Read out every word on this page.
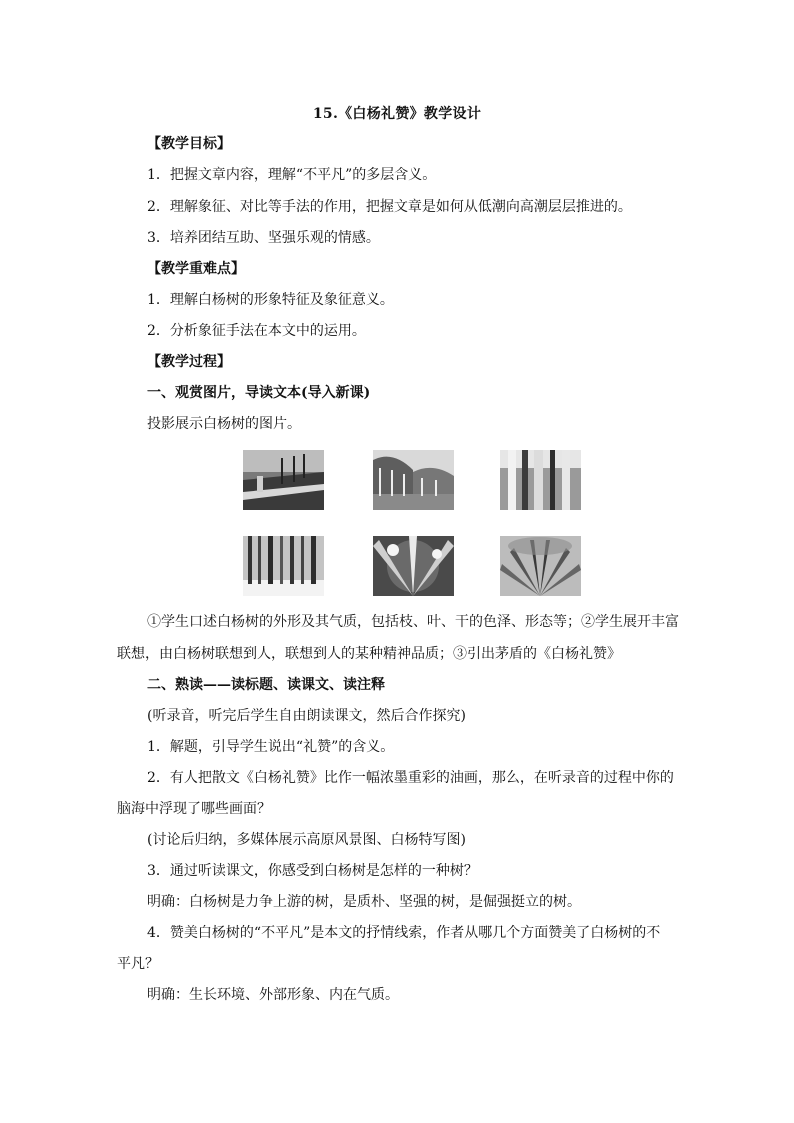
15.《白杨礼赞》教学设计
【教学目标】
1．把握文章内容，理解“不平凡”的多层含义。
2．理解象征、对比等手法的作用，把握文章是如何从低潮向高潮层层推进的。
3．培养团结互助、坚强乐观的情感。
【教学重难点】
1．理解白杨树的形象特征及象征意义。
2．分析象征手法在本文中的运用。
【教学过程】
一、观赏图片，导读文本(导入新课)
投影展示白杨树的图片。
①学生口述白杨树的外形及其气质，包括枝、叶、干的色泽、形态等；②学生展开丰富
联想，由白杨树联想到人，联想到人的某种精神品质；③引出茅盾的《白杨礼赞》
二、熟读——读标题、读课文、读注释
(听录音，听完后学生自由朗读课文，然后合作探究)
1．解题，引导学生说出“礼赞”的含义。
2．有人把散文《白杨礼赞》比作一幅浓墨重彩的油画，那么，在听录音的过程中你的
脑海中浮现了哪些画面？
(讨论后归纳，多媒体展示高原风景图、白杨特写图)
3．通过听读课文，你感受到白杨树是怎样的一种树？
明确：白杨树是力争上游的树，是质朴、坚强的树，是倔强挺立的树。
4．赞美白杨树的“不平凡”是本文的抒情线索，作者从哪几个方面赞美了白杨树的不
平凡？
明确：生长环境、外部形象、内在气质。
